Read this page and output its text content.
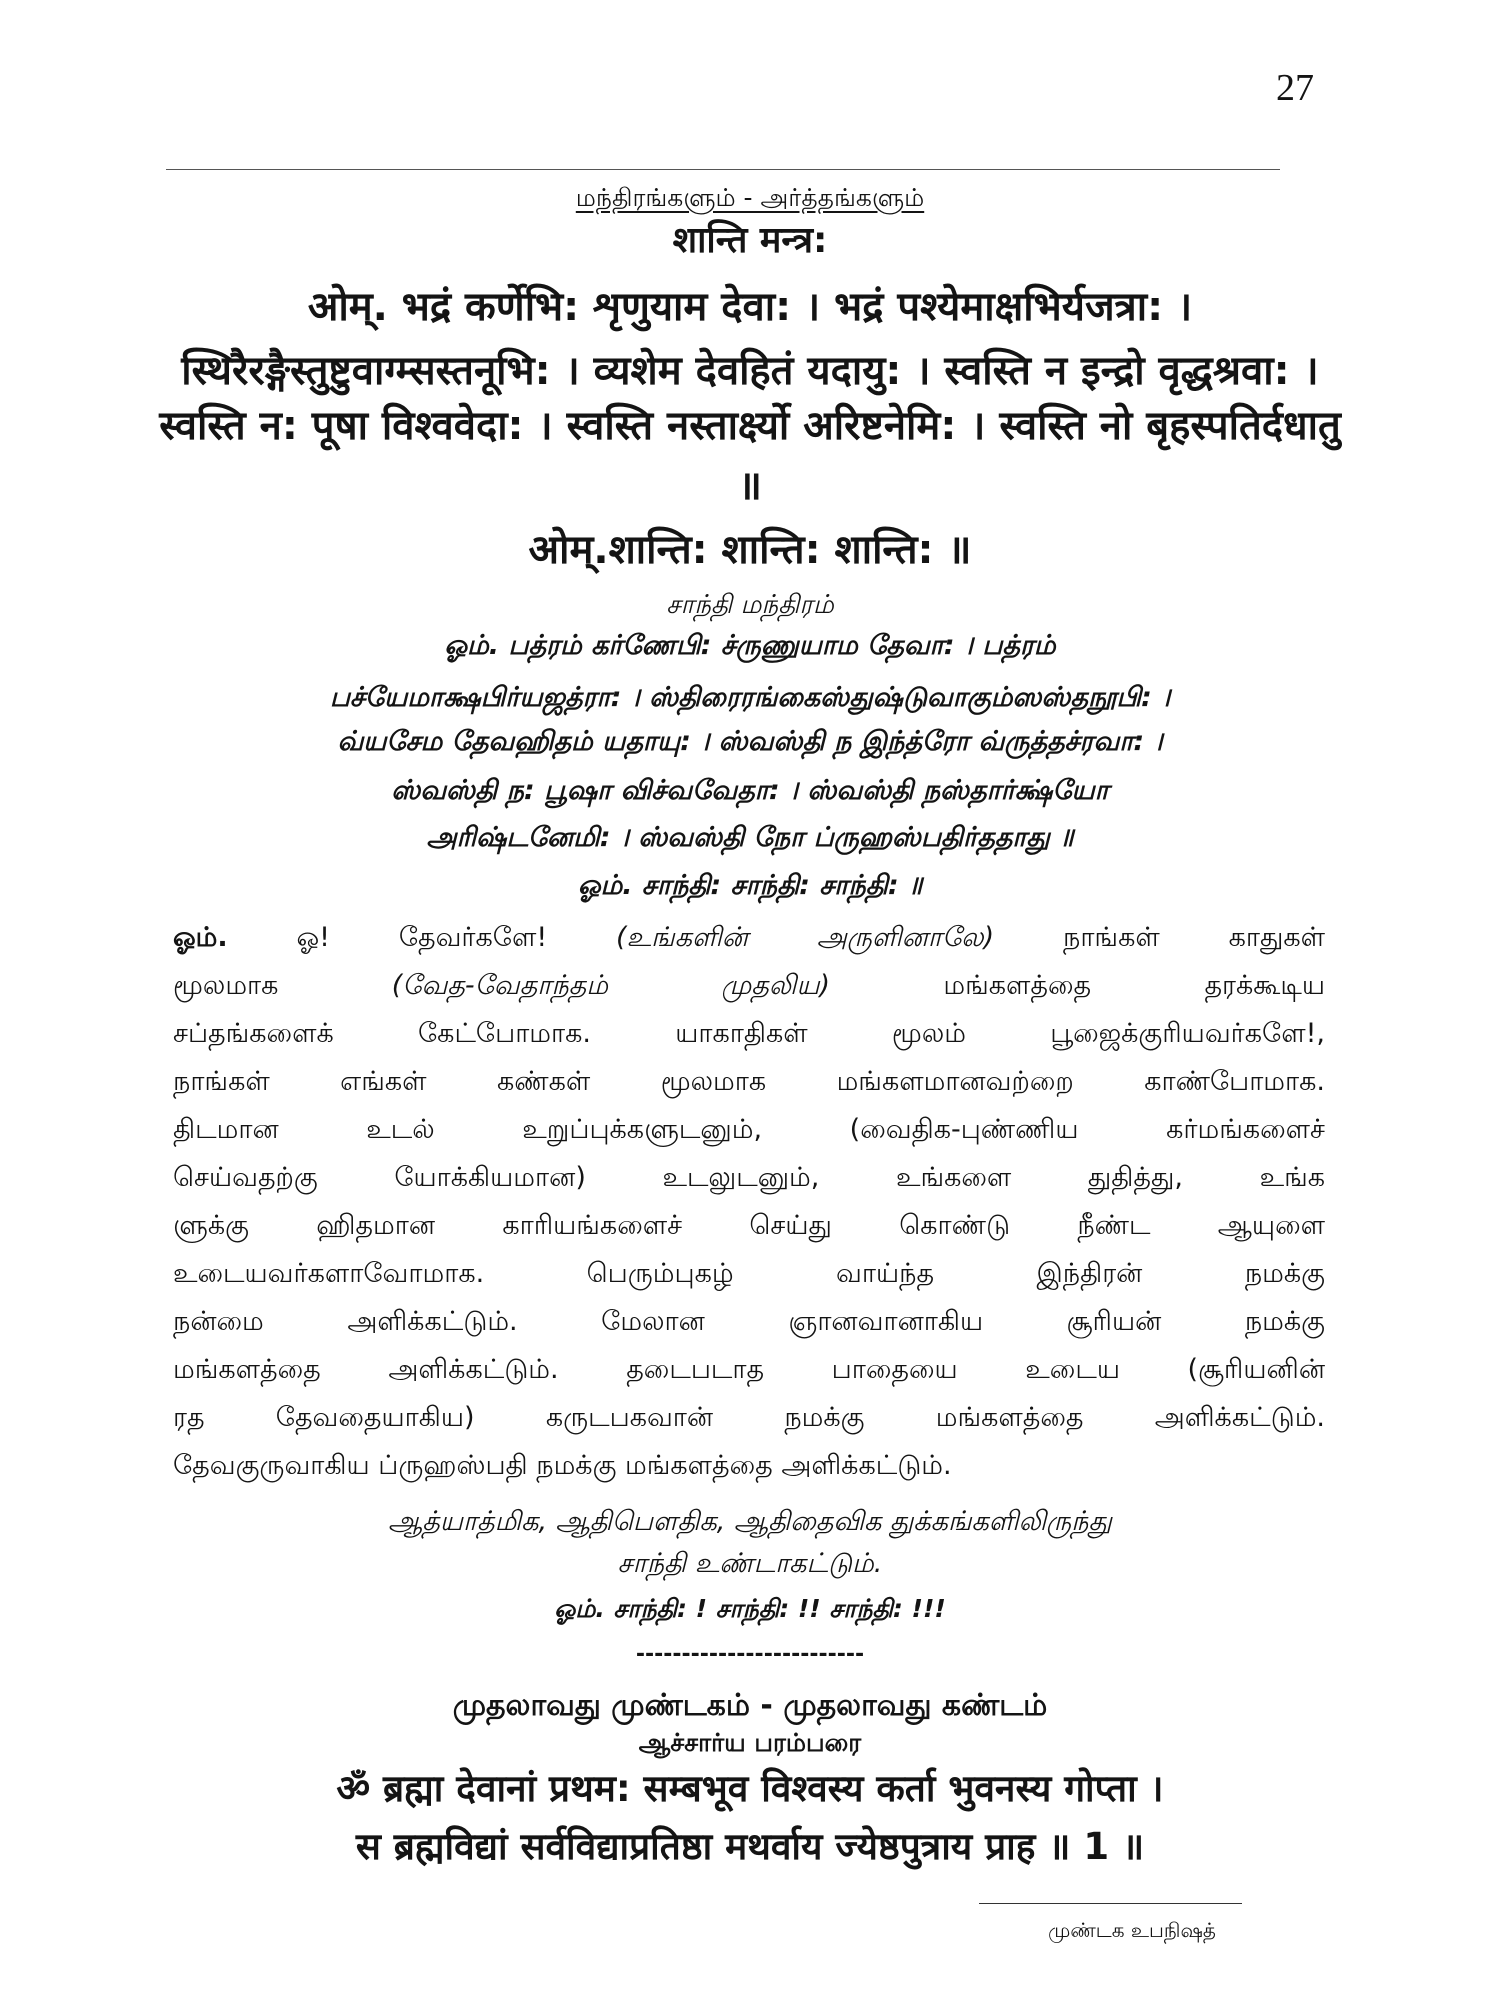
27
மந்திரங்களும் - அர்த்தங்களும்
शान्ति मन्त्र:
ओम्. भद्रं कर्णेभि: शृणुयाम देवा: । भद्रं पश्येमाक्षभिर्यजत्रा: ।
स्थिरैरङ्गैस्तुष्टुवाग्म्सस्तनूभि: । व्यशेम देवहितं यदायु: । स्वस्ति न इन्द्रो वृद्धश्रवा: ।
स्वस्ति न: पूषा विश्ववेदा: । स्वस्ति नस्तार्क्ष्यो अरिष्टनेमि: । स्वस्ति नो बृहस्पतिर्दधातु
॥
ओम्.शान्ति: शान्ति: शान्ति: ॥
சாந்தி மந்திரம்
ஓம். பத்ரம் கர்ணேபி: ச்ருணுயாம தேவா: । பத்ரம்
பச்யேமாக்ஷபிர்யஜத்ரா: । ஸ்திரைரங்கைஸ்துஷ்டுவாகும்ஸஸ்தநூபி: ।
வ்யசேம தேவஹிதம் யதாயு: । ஸ்வஸ்தி ந இந்த்ரோ வ்ருத்தச்ரவா: ।
ஸ்வஸ்தி ந: பூஷா விச்வவேதா: । ஸ்வஸ்தி நஸ்தார்க்ஷ்யோ
அரிஷ்டனேமி: । ஸ்வஸ்தி நோ ப்ருஹஸ்பதிர்ததாது ॥
ஓம். சாந்தி: சாந்தி: சாந்தி: ॥
ஓம்.	ஓ! தேவர்களே!	(உங்களின் அருளினாலே)	நாங்கள் காதுகள்
மூலமாக	(வேத-வேதாந்தம் முதலிய)	மங்களத்தை தரக்கூடிய
சப்தங்களைக் கேட்போமாக. யாகாதிகள் மூலம் பூஜைக்குரியவர்களே!,
நாங்கள் எங்கள் கண்கள் மூலமாக மங்களமானவற்றை காண்போமாக.
திடமான உடல் உறுப்புக்களுடனும், (வைதிக-புண்ணிய கர்மங்களைச்
செய்வதற்கு யோக்கியமான) உடலுடனும், உங்களை துதித்து, உங்க
ளுக்கு ஹிதமான காரியங்களைச் செய்து கொண்டு நீண்ட ஆயுளை
உடையவர்களாவோமாக. பெரும்புகழ் வாய்ந்த இந்திரன் நமக்கு
நன்மை அளிக்கட்டும். மேலான ஞானவானாகிய சூரியன் நமக்கு
மங்களத்தை அளிக்கட்டும். தடைபடாத பாதையை உடைய (சூரியனின்
ரத தேவதையாகிய) கருடபகவான் நமக்கு மங்களத்தை அளிக்கட்டும்.
தேவகுருவாகிய ப்ருஹஸ்பதி நமக்கு மங்களத்தை அளிக்கட்டும்.
ஆத்யாத்மிக, ஆதிபௌதிக, ஆதிதைவிக துக்கங்களிலிருந்து
சாந்தி உண்டாகட்டும்.
ஓம். சாந்தி: ! சாந்தி: !! சாந்தி: !!!
-------------------------
முதலாவது முண்டகம் - முதலாவது கண்டம்
ஆச்சார்ய பரம்பரை
ॐ ब्रह्मा देवानां प्रथम: सम्बभूव विश्वस्य कर्ता भुवनस्य गोप्ता ।
स ब्रह्मविद्यां सर्वविद्याप्रतिष्ठा मथर्वाय ज्येष्ठपुत्राय प्राह ॥ 1 ॥
முண்டக உபநிஷத்
